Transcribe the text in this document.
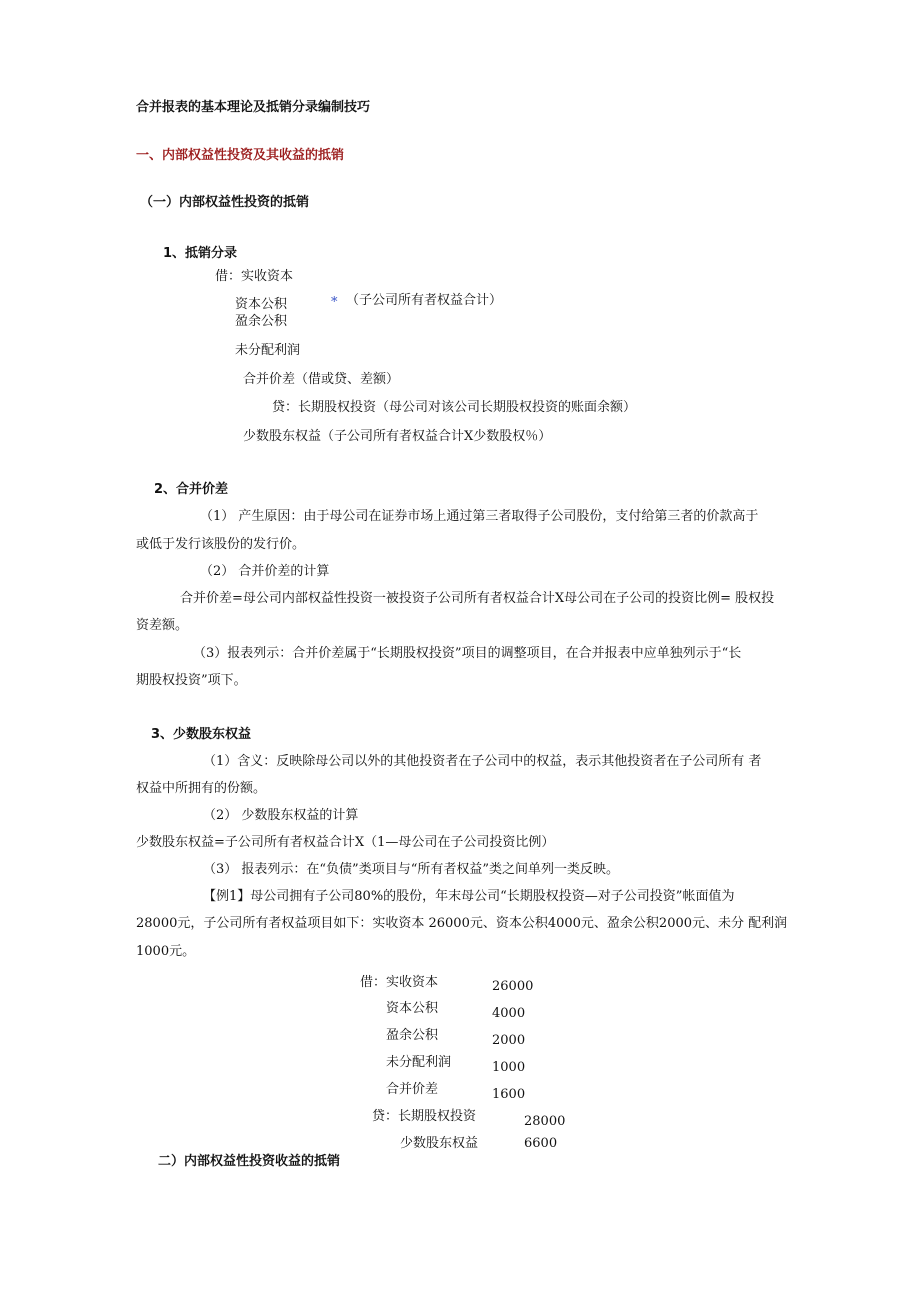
合并报表的基本理论及抵销分录编制技巧
一、内部权益性投资及其收益的抵销
（一）内部权益性投资的抵销
1、抵销分录
借：实收资本
资本公积	* （子公司所有者权益合计）
盈余公积
未分配利润
合并价差（借或贷、差额）
贷：长期股权投资（母公司对该公司长期股权投资的账面余额）
少数股东权益（子公司所有者权益合计X少数股权％）
2、合并价差
（1） 产生原因：由于母公司在证券市场上通过第三者取得子公司股份，支付给第三者的价款高于
或低于发行该股份的发行价。
（2） 合并价差的计算
合并价差=母公司内部权益性投资一被投资子公司所有者权益合计X母公司在子公司的投资比例= 股权投
资差额。
（3）报表列示：合并价差属于“长期股权投资”项目的调整项目，在合并报表中应单独列示于“长
期股权投资”项下。
3、少数股东权益
（1）含义：反映除母公司以外的其他投资者在子公司中的权益，表示其他投资者在子公司所有 者
权益中所拥有的份额。
（2） 少数股东权益的计算
少数股东权益=子公司所有者权益合计X（1—母公司在子公司投资比例）
（3） 报表列示：在“负债”类项目与“所有者权益”类之间单列一类反映。
【例1】母公司拥有子公司80%的股份，年末母公司“长期股权投资—对子公司投资”帐面值为
28000元，子公司所有者权益项目如下：实收资本 26000元、资本公积4000元、盈余公积2000元、未分 配利润
1000元。
借：实收资本	26000
资本公积	4000
盈余公积	2000
未分配利润	1000
合并价差	1600
贷：长期股权投资	28000
少数股东权益	6600
二）内部权益性投资收益的抵销
